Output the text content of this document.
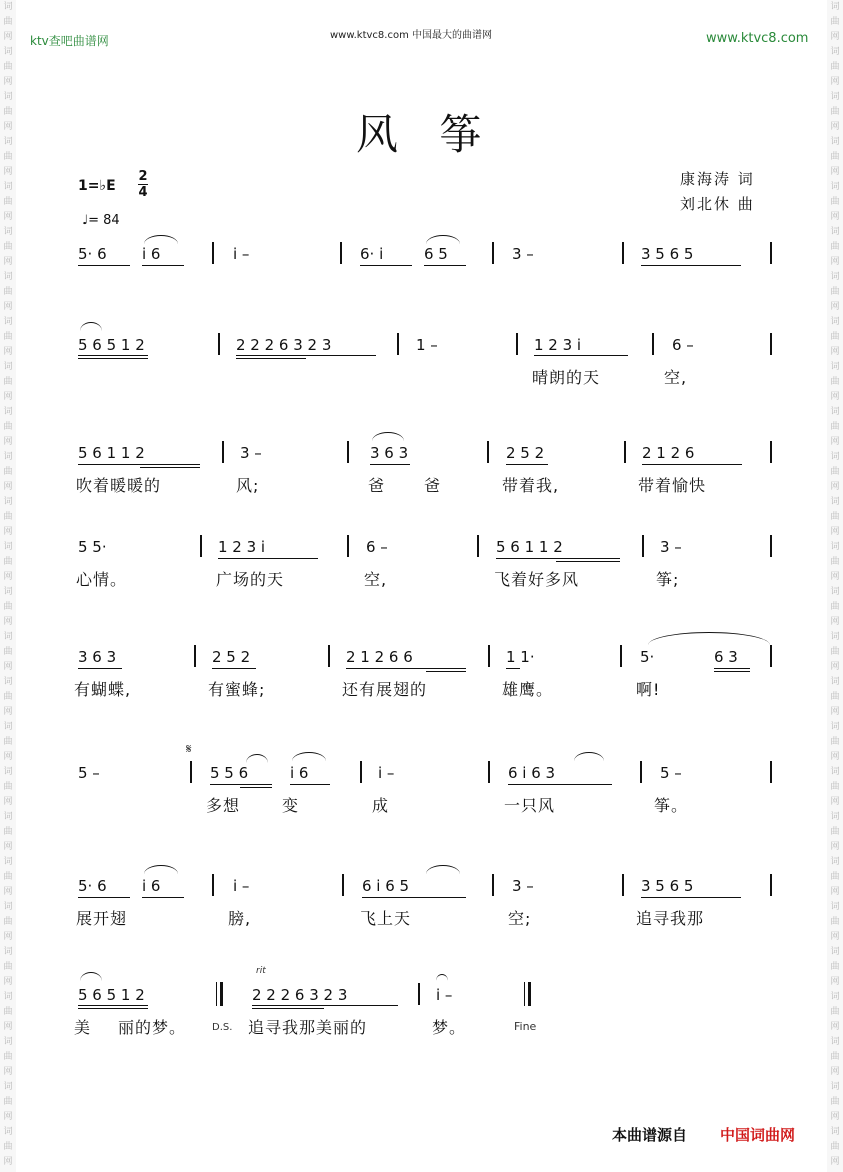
词
曲
网
词
曲
网
词
曲
网
词
曲
网
词
曲
网
词
曲
网
词
曲
网
词
曲
网
词
曲
网
词
曲
网
词
曲
网
词
曲
网
词
曲
网
词
曲
网
词
曲
网
词
曲
网
词
曲
网
词
曲
网
词
曲
网
词
曲
网
词
曲
网
词
曲
网
词
曲
网
词
曲
网
词
曲
网
词
曲
网

词
曲
网
词
曲
网
词
曲
网
词
曲
网
词
曲
网
词
曲
网
词
曲
网
词
曲
网
词
曲
网
词
曲
网
词
曲
网
词
曲
网
词
曲
网
词
曲
网
词
曲
网
词
曲
网
词
曲
网
词
曲
网
词
曲
网
词
曲
网
词
曲
网
词
曲
网
词
曲
网
词
曲
网
词
曲
网
词
曲
网

ktv查吧曲谱网	www.ktvc8.com 中国最大的曲谱网	www.ktvc8.com
风 筝
1=♭E
2
4
♩= 84
康海涛 词
刘北休 曲
5· 6 i 6	i –	6· i	6 5	3 –	3 5 6 5
5 6 5 1 2	2 2 2 6 3 2 3	1 –	1 2 3 i	6 –
晴朗的天	空,
5 6 1 1 2	3 –	3 6 3	2 5 2	2 1 2 6
吹着暖暖的	风;	爸 爸	带着我,	带着愉快
5 5·	1 2 3 i	6 –	5 6 1 1 2	3 –
心情。	广场的天	空,	飞着好多风	筝;
3 6 3	2 5 2	2 1 2 6 6	1 1·	5·	6 3
有蝴蝶,	有蜜蜂;	还有展翅的	雄鹰。	啊!
5 –
𝄋
5 5 6	i 6	i –	6 i 6 3	5 –
多想	变	成	一只风	筝。
5· 6 i 6	i –	6 i 6 5	3 –	3 5 6 5
展开翅	膀,	飞上天	空;	追寻我那
5 6 5 1 2
rit
2 2 2 6 3 2 3	i –
美 丽的梦。	D.S. 追寻我那美丽的	梦。	Fine
本曲谱源自 中国词曲网
